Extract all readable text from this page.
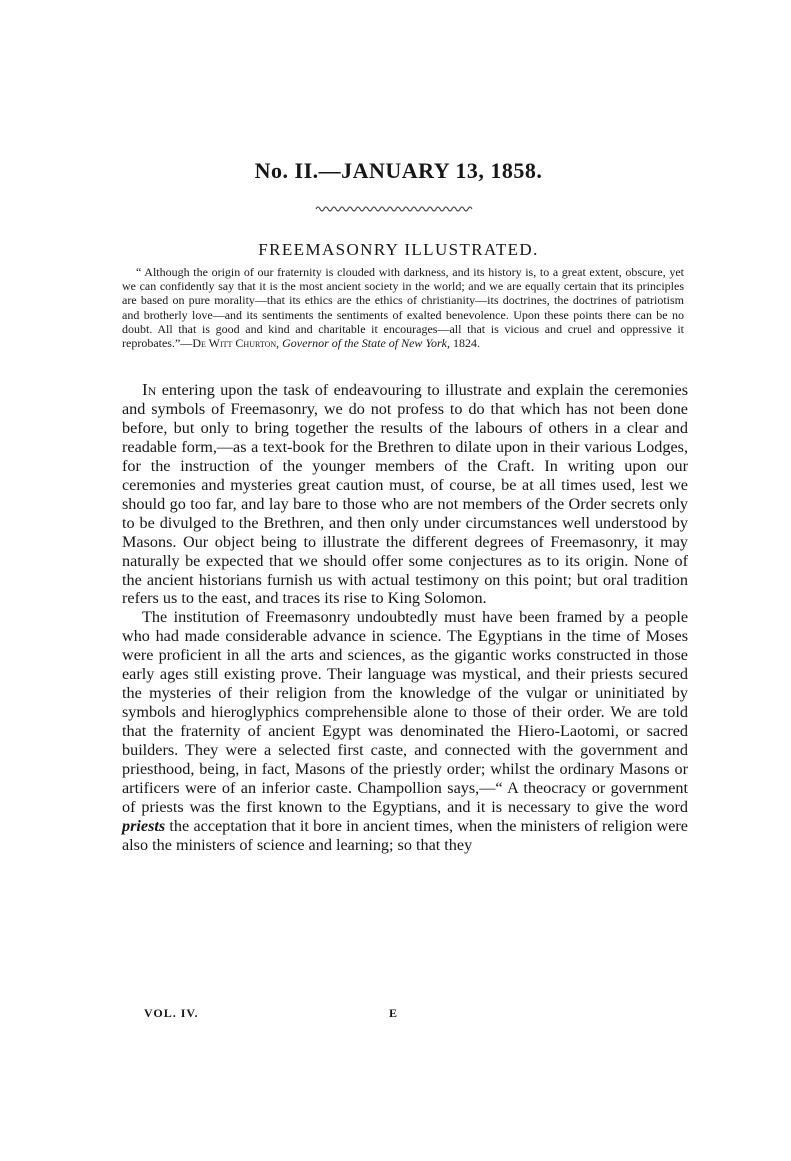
No. II.—JANUARY 13, 1858.
FREEMASONRY ILLUSTRATED.

“ Although the origin of our fraternity is clouded with darkness, and its history is, to a great extent, obscure, yet we can confidently say that it is the most ancient society in the world; and we are equally certain that its principles are based on pure morality—that its ethics are the ethics of christianity—its doctrines, the doctrines of patriotism and brotherly love—and its sentiments the sentiments of exalted benevolence. Upon these points there can be no doubt. All that is good and kind and charitable it encourages—all that is vicious and cruel and oppressive it reprobates.”—De Witt Churton, Governor of the State of New York, 1824.

In entering upon the task of endeavouring to illustrate and explain the ceremonies and symbols of Freemasonry, we do not profess to do that which has not been done before, but only to bring together the results of the labours of others in a clear and readable form,—as a text-book for the Brethren to dilate upon in their various Lodges, for the instruction of the younger members of the Craft. In writing upon our ceremonies and mysteries great caution must, of course, be at all times used, lest we should go too far, and lay bare to those who are not members of the Order secrets only to be divulged to the Brethren, and then only under circumstances well understood by Masons. Our object being to illustrate the different degrees of Freemasonry, it may naturally be expected that we should offer some conjectures as to its origin. None of the ancient historians furnish us with actual testimony on this point; but oral tradition refers us to the east, and traces its rise to King Solomon.

The institution of Freemasonry undoubtedly must have been framed by a people who had made considerable advance in science. The Egyptians in the time of Moses were proficient in all the arts and sciences, as the gigantic works constructed in those early ages still existing prove. Their language was mystical, and their priests secured the mysteries of their religion from the knowledge of the vulgar or uninitiated by symbols and hieroglyphics comprehensible alone to those of their order. We are told that the fraternity of ancient Egypt was denominated the Hiero-Laotomi, or sacred builders. They were a selected first caste, and connected with the government and priesthood, being, in fact, Masons of the priestly order; whilst the ordinary Masons or artificers were of an inferior caste. Champollion says,—“ A theocracy or government of priests was the first known to the Egyptians, and it is necessary to give the word priests the acceptation that it bore in ancient times, when the ministers of religion were also the ministers of science and learning; so that they

VOL. IV.	E
